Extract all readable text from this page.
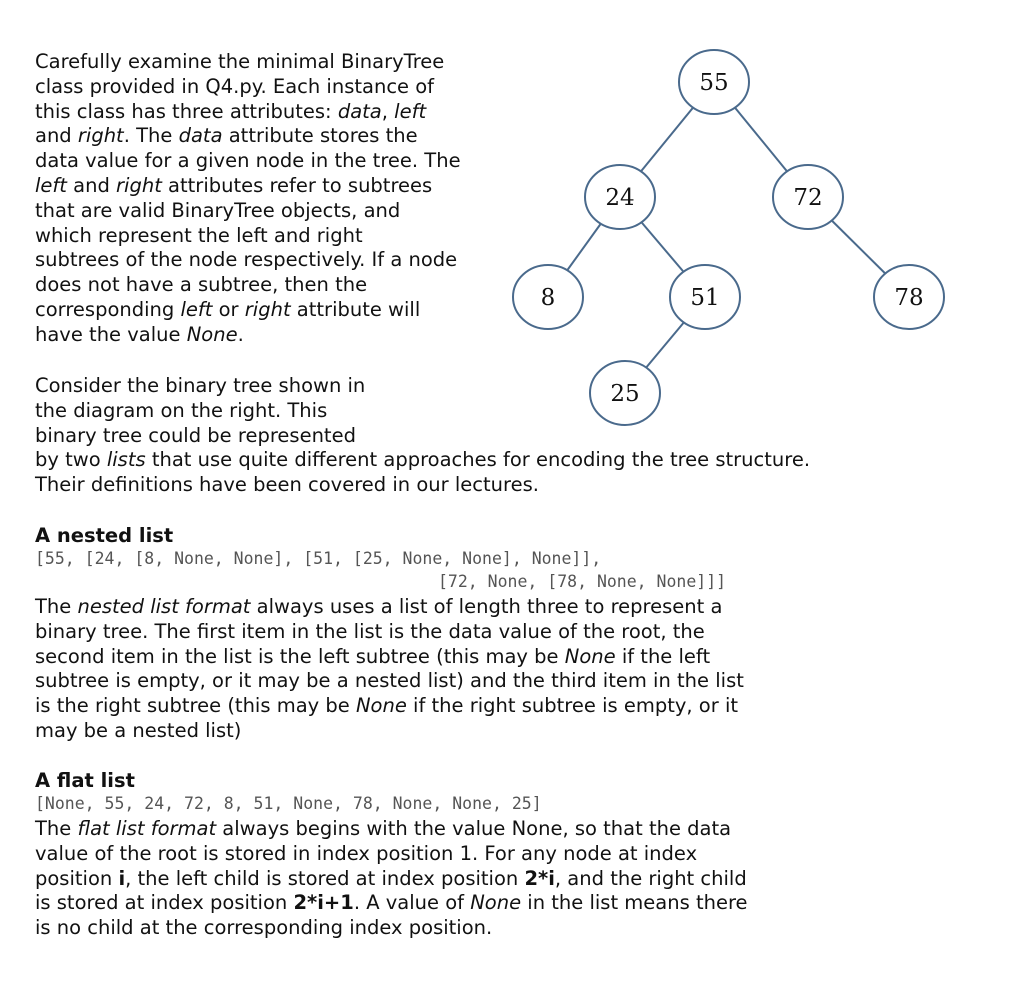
Carefully examine the minimal BinaryTree
class provided in Q4.py. Each instance of
this class has three attributes: data, left
and right. The data attribute stores the
data value for a given node in the tree. The
left and right attributes refer to subtrees
that are valid BinaryTree objects, and
which represent the left and right
subtrees of the node respectively. If a node
does not have a subtree, then the
corresponding left or right attribute will
have the value None.
Consider the binary tree shown in
the diagram on the right. This
binary tree could be represented
by two lists that use quite different approaches for encoding the tree structure.
Their definitions have been covered in our lectures.
A nested list
[55, [24, [8, None, None], [51, [25, None, None], None]],
[72, None, [78, None, None]]]
The nested list format always uses a list of length three to represent a
binary tree. The first item in the list is the data value of the root, the
second item in the list is the left subtree (this may be None if the left
subtree is empty, or it may be a nested list) and the third item in the list
is the right subtree (this may be None if the right subtree is empty, or it
may be a nested list)
A flat list
[None, 55, 24, 72, 8, 51, None, 78, None, None, 25]
The flat list format always begins with the value None, so that the data
value of the root is stored in index position 1. For any node at index
position i, the left child is stored at index position 2*i, and the right child
is stored at index position 2*i+1. A value of None in the list means there
is no child at the corresponding index position.
55
24	72
8	51	78
25
